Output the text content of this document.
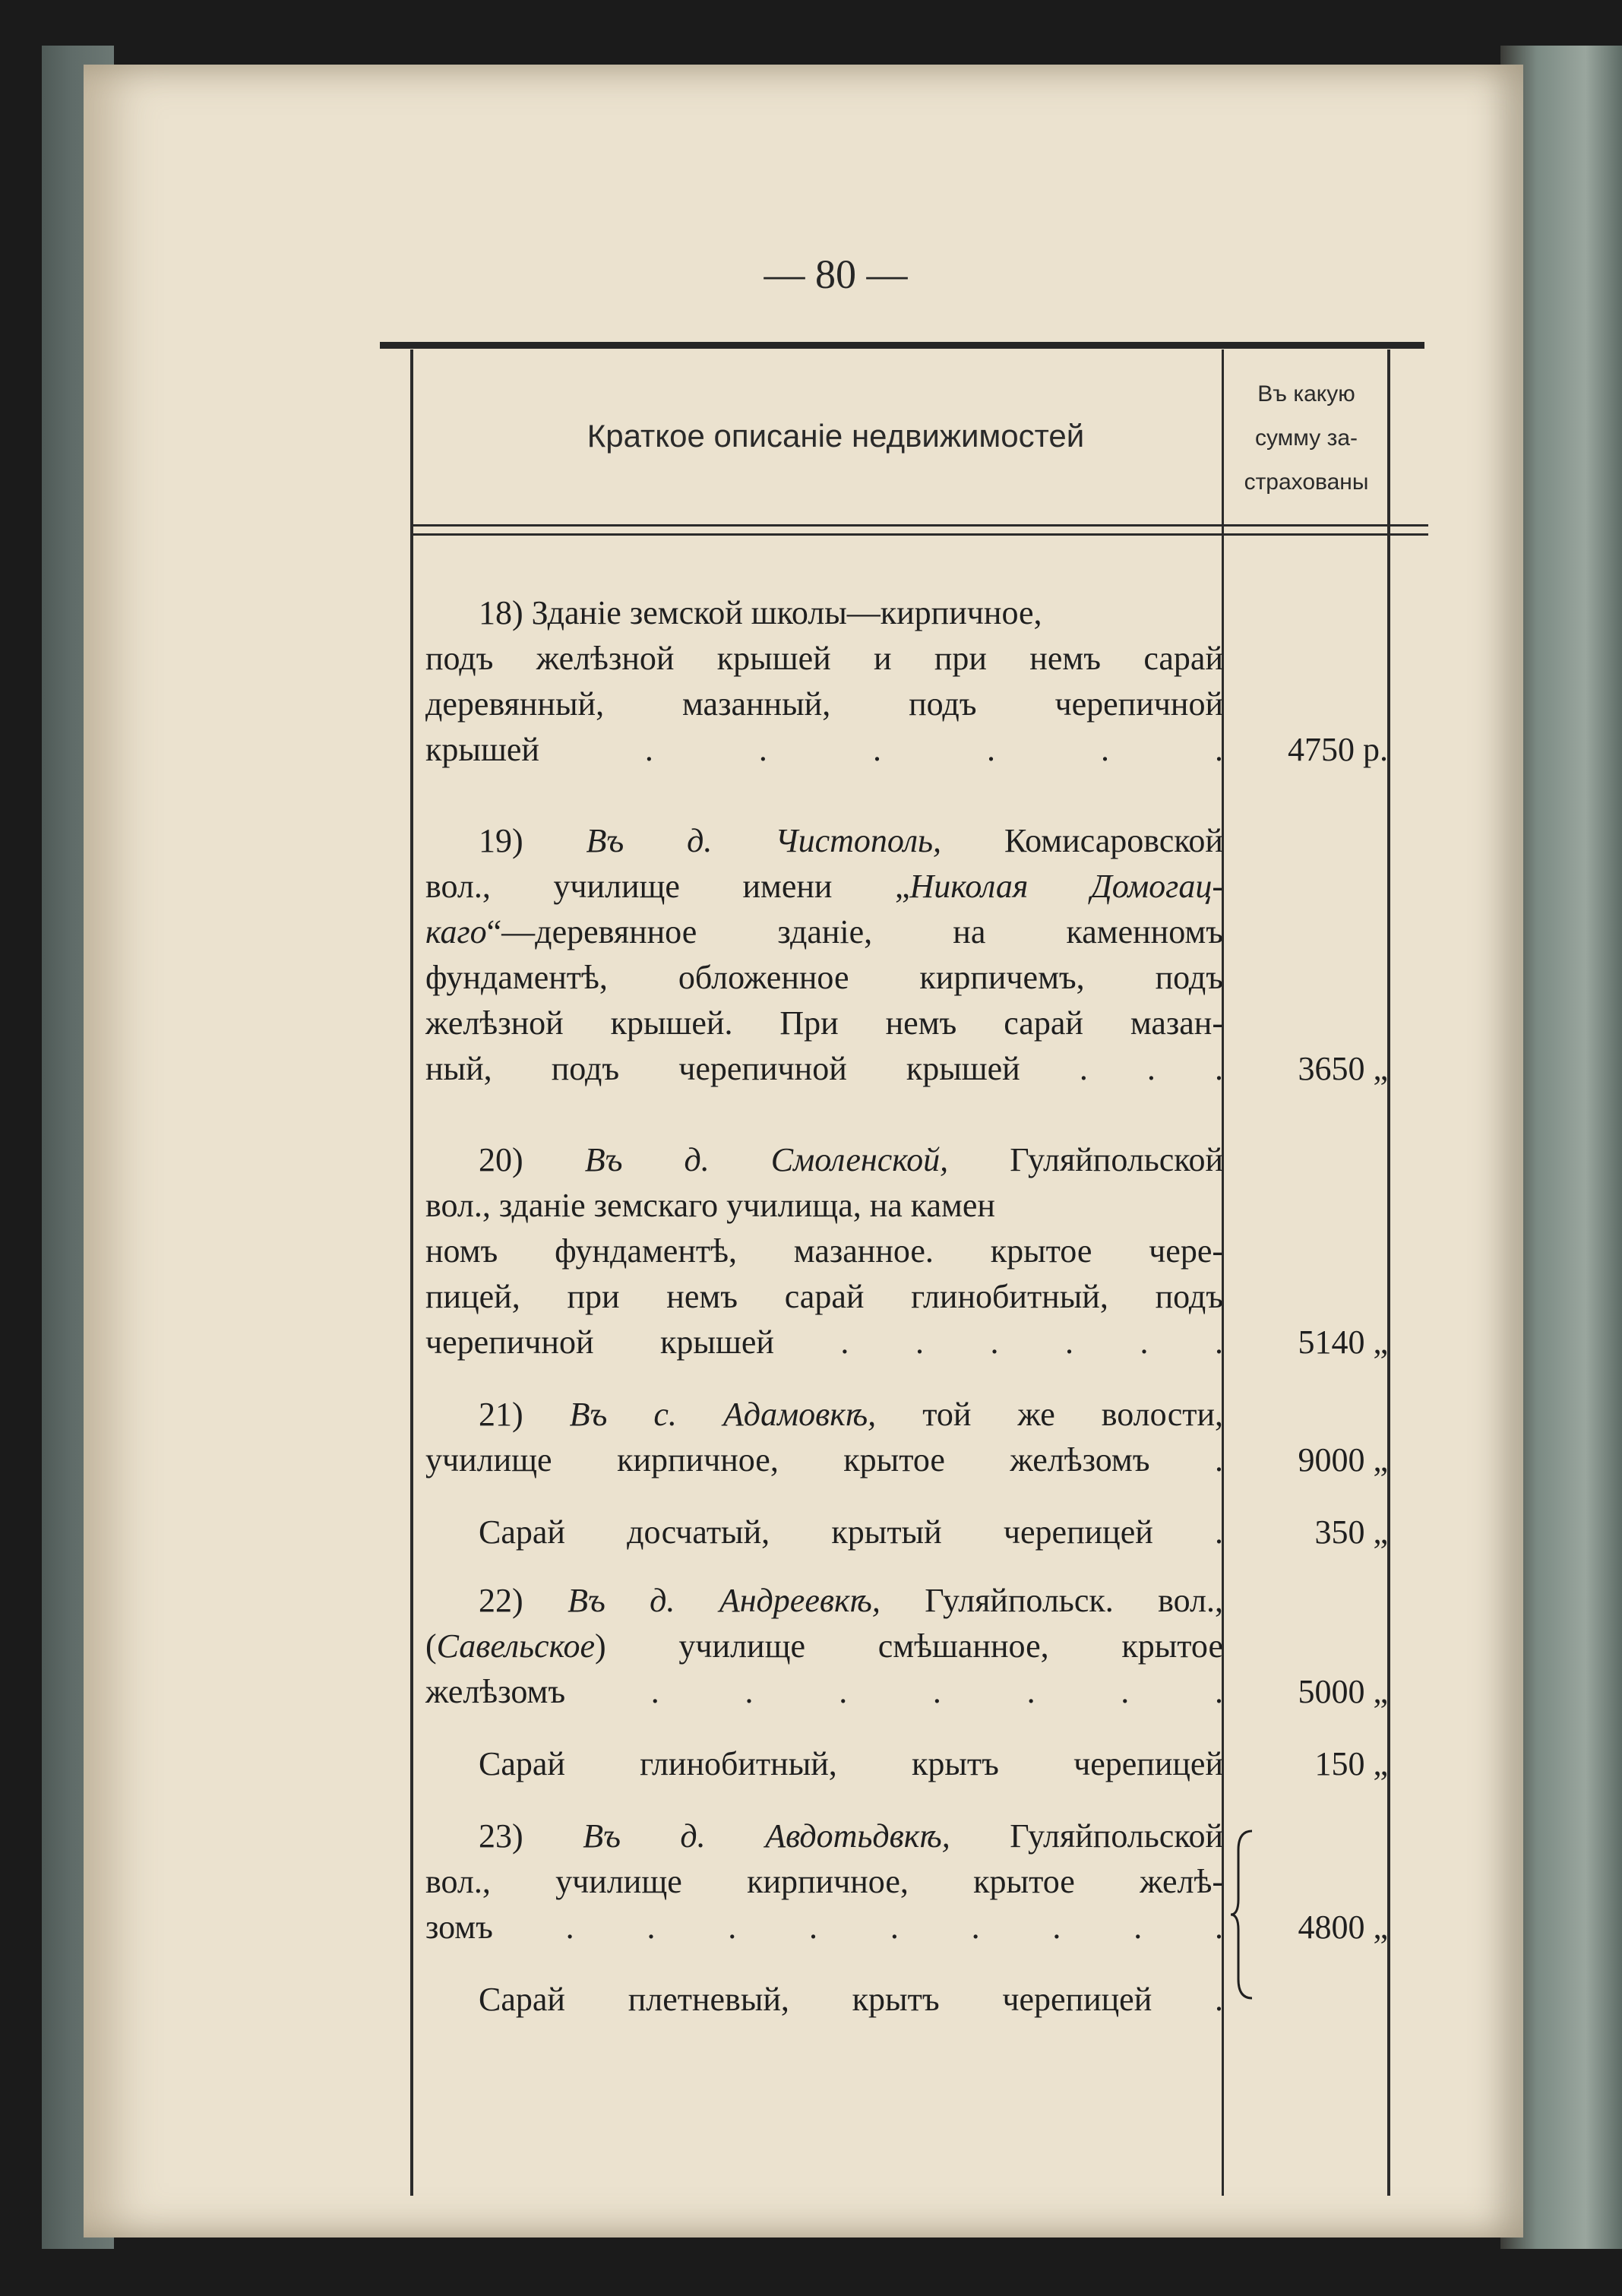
— 80 —
Краткое описаніе недвижимостей
Въ какую
сумму за-
страхованы
18) Зданіе земской школы—кирпичное,
подъ желѣзной крышей и при немъ сарай
деревянный, мазанный, подъ черепичной
крышей . . . . . .
19) Въ д. Чистополь, Комисаровской
вол., училище имени „Николая Домогац-
каго“—деревянное зданіе, на каменномъ
фундаментѣ, обложенное кирпичемъ, подъ
желѣзной крышей. При немъ сарай мазан-
ный, подъ черепичной крышей . . .
20) Въ д. Смоленской, Гуляйпольской
вол., зданіе земскаго училища, на камен
номъ фундаментѣ, мазанное. крытое чере-
пицей, при немъ сарай глинобитный, подъ
черепичной крышей . . . . . .
21) Въ с. Адамовкѣ, той же волости,
училище кирпичное, крытое желѣзомъ .
Сарай досчатый, крытый черепицей .
22) Въ д. Андреевкѣ, Гуляйпольск. вол.,
(Савельское) училище смѣшанное, крытое
желѣзомъ . . . . . . .
Сарай глинобитный, крытъ черепицей
23) Въ д. Авдотьдвкѣ, Гуляйпольской
вол., училище кирпичное, крытое желѣ-
зомъ . . . . . . . . .
Сарай плетневый, крытъ черепицей .
4750 р.
3650 „
5140 „
9000 „
350 „
5000 „
150 „
4800 „
